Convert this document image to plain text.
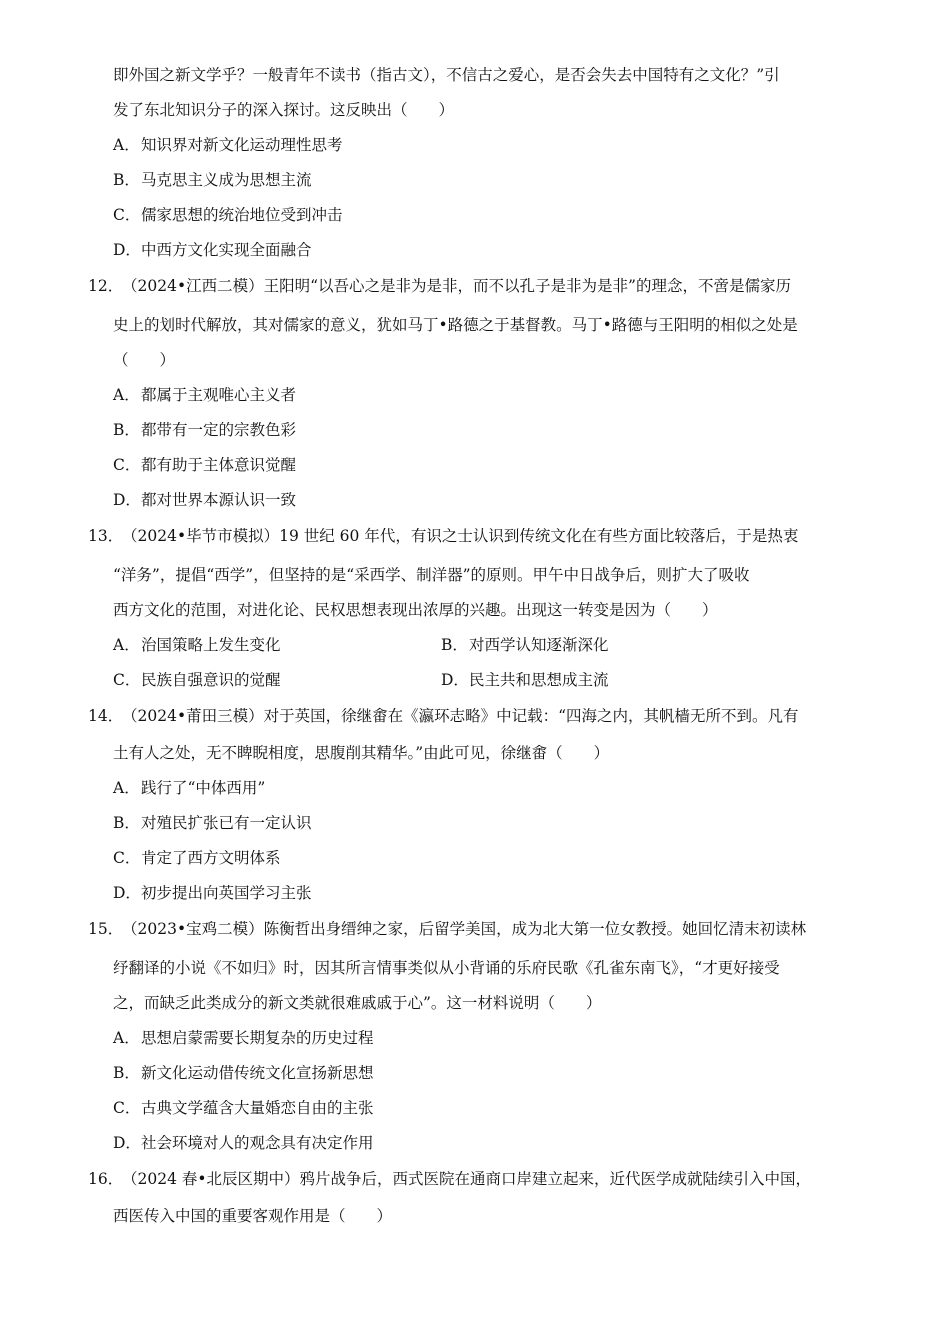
即外国之新文学乎？一般青年不读书（指古文），不信古之爱心，是否会失去中国特有之文化？”引
发了东北知识分子的深入探讨。这反映出（　　）
A．知识界对新文化运动理性思考
B．马克思主义成为思想主流
C．儒家思想的统治地位受到冲击
D．中西方文化实现全面融合
12．
（2024•江西二模）王阳明“以吾心之是非为是非，而不以孔子是非为是非”的理念，不啻是儒家历
史上的划时代解放，其对儒家的意义，犹如马丁•路德之于基督教。马丁•路德与王阳明的相似之处是
（　　）
A．都属于主观唯心主义者
B．都带有一定的宗教色彩
C．都有助于主体意识觉醒
D．都对世界本源认识一致
13．
（2024•毕节市模拟）19 世纪 60 年代，有识之士认识到传统文化在有些方面比较落后，于是热衷
“洋务”，提倡“西学”，但坚持的是“采西学、制洋器”的原则。甲午中日战争后，则扩大了吸收
西方文化的范围，对进化论、民权思想表现出浓厚的兴趣。出现这一转变是因为（　　）
A．治国策略上发生变化	B．对西学认知逐渐深化
C．民族自强意识的觉醒	D．民主共和思想成主流
14．
（2024•莆田三模）对于英国，徐继畬在《瀛环志略》中记载：“四海之内，其帆樯无所不到。凡有
土有人之处，无不睥睨相度，思腹削其精华。”由此可见，徐继畬（　　）
A．践行了“中体西用”
B．对殖民扩张已有一定认识
C．肯定了西方文明体系
D．初步提出向英国学习主张
15．
（2023•宝鸡二模）陈衡哲出身缙绅之家，后留学美国，成为北大第一位女教授。她回忆清末初读林
纾翻译的小说《不如归》时，因其所言情事类似从小背诵的乐府民歌《孔雀东南飞》，“才更好接受
之，而缺乏此类成分的新文类就很难戚戚于心”。这一材料说明（　　）
A．思想启蒙需要长期复杂的历史过程
B．新文化运动借传统文化宣扬新思想
C．古典文学蕴含大量婚恋自由的主张
D．社会环境对人的观念具有决定作用
16．
（2024 春•北辰区期中）鸦片战争后，西式医院在通商口岸建立起来，近代医学成就陆续引入中国，
西医传入中国的重要客观作用是（　　）
